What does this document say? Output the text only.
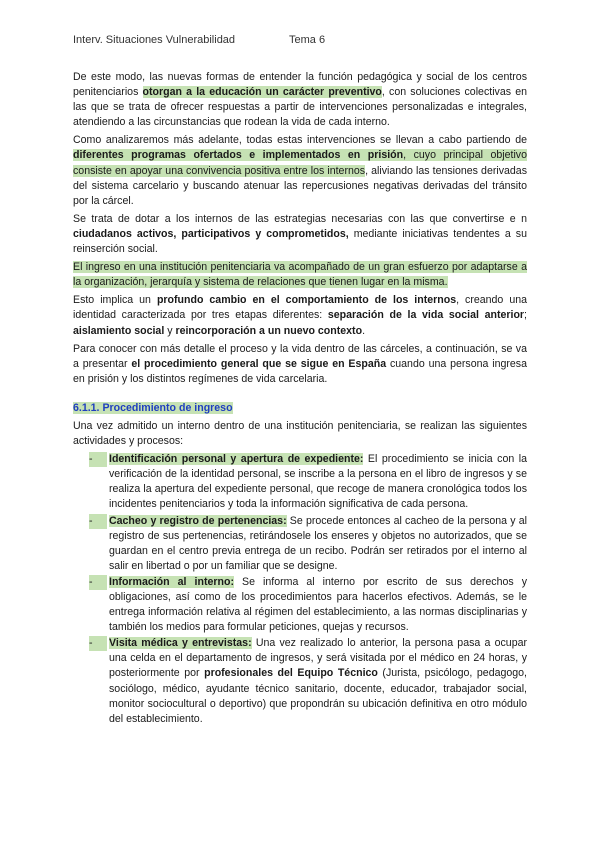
Interv. Situaciones Vulnerabilidad	Tema 6

De este modo, las nuevas formas de entender la función pedagógica y social de los centros penitenciarios otorgan a la educación un carácter preventivo, con soluciones colectivas en las que se trata de ofrecer respuestas a partir de intervenciones personalizadas e integrales, atendiendo a las circunstancias que rodean la vida de cada interno.

Como analizaremos más adelante, todas estas intervenciones se llevan a cabo partiendo de diferentes programas ofertados e implementados en prisión, cuyo principal objetivo consiste en apoyar una convivencia positiva entre los internos, aliviando las tensiones derivadas del sistema carcelario y buscando atenuar las repercusiones negativas derivadas del tránsito por la cárcel.

Se trata de dotar a los internos de las estrategias necesarias con las que convertirse e n ciudadanos activos, participativos y comprometidos, mediante iniciativas tendentes a su reinserción social.

El ingreso en una institución penitenciaria va acompañado de un gran esfuerzo por adaptarse a la organización, jerarquía y sistema de relaciones que tienen lugar en la misma.

Esto implica un profundo cambio en el comportamiento de los internos, creando una identidad caracterizada por tres etapas diferentes: separación de la vida social anterior; aislamiento social y reincorporación a un nuevo contexto.

Para conocer con más detalle el proceso y la vida dentro de las cárceles, a continuación, se va a presentar el procedimiento general que se sigue en España cuando una persona ingresa en prisión y los distintos regímenes de vida carcelaria.

6.1.1. Procedimiento de ingreso

Una vez admitido un interno dentro de una institución penitenciaria, se realizan las siguientes actividades y procesos:

-	Identificación personal y apertura de expediente: El procedimiento se inicia con la verificación de la identidad personal, se inscribe a la persona en el libro de ingresos y se realiza la apertura del expediente personal, que recoge de manera cronológica todos los incidentes penitenciarios y toda la información significativa de cada persona.
-	Cacheo y registro de pertenencias: Se procede entonces al cacheo de la persona y al registro de sus pertenencias, retirándosele los enseres y objetos no autorizados, que se guardan en el centro previa entrega de un recibo. Podrán ser retirados por el interno al salir en libertad o por un familiar que se designe.
-	Información al interno: Se informa al interno por escrito de sus derechos y obligaciones, así como de los procedimientos para hacerlos efectivos. Además, se le entrega información relativa al régimen del establecimiento, a las normas disciplinarias y también los medios para formular peticiones, quejas y recursos.
-	Visita médica y entrevistas: Una vez realizado lo anterior, la persona pasa a ocupar una celda en el departamento de ingresos, y será visitada por el médico en 24 horas, y posteriormente por profesionales del Equipo Técnico (Jurista, psicólogo, pedagogo, sociólogo, médico, ayudante técnico sanitario, docente, educador, trabajador social, monitor sociocultural o deportivo) que propondrán su ubicación definitiva en otro módulo del establecimiento.
